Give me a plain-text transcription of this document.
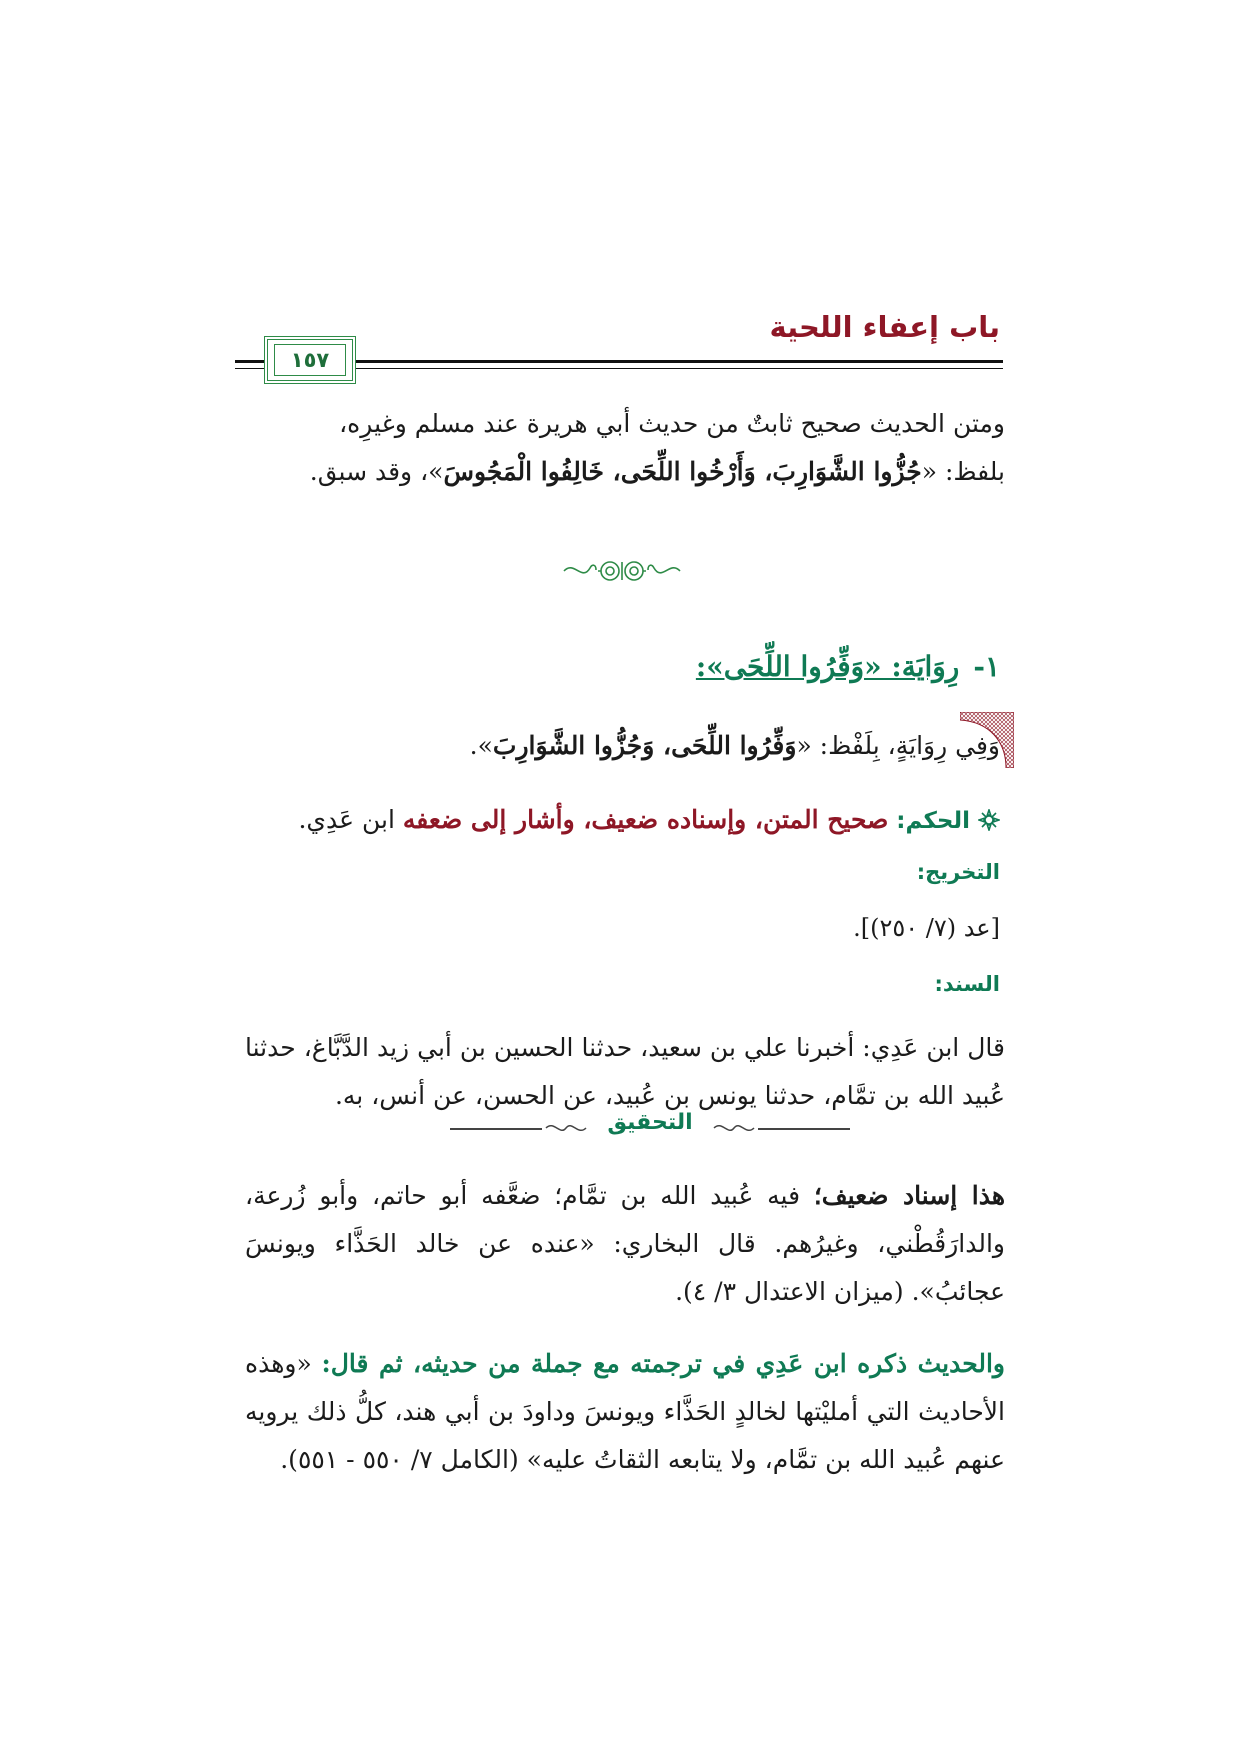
باب إعفاء اللحية
١٥٧
ومتن الحديث صحيح ثابتٌ من حديث أبي هريرة عند مسلم وغيرِه،
بلفظ: «جُزُّوا الشَّوَارِبَ، وَأَرْخُوا اللِّحَى، خَالِفُوا الْمَجُوسَ»، وقد سبق.
١-رِوَايَة: «وَفِّرُوا اللِّحَى»:
وَفِي رِوَايَةٍ، بِلَفْظ: «وَفِّرُوا اللِّحَى، وَجُزُّوا الشَّوَارِبَ».
الحكم: صحيح المتن، وإسناده ضعيف، وأشار إلى ضعفه ابن عَدِي.
التخريج:
[عد (٧/ ٢٥٠)].
السند:
قال ابن عَدِي: أخبرنا علي بن سعيد، حدثنا الحسين بن أبي زيد الدَّبَّاغ، حدثنا عُبيد الله بن تمَّام، حدثنا يونس بن عُبيد، عن الحسن، عن أنس، به.
التحقيق
هذا إسناد ضعيف؛ فيه عُبيد الله بن تمَّام؛ ضعَّفه أبو حاتم، وأبو زُرعة، والدارَقُطْني، وغيرُهم. قال البخاري: «عنده عن خالد الحَذَّاء ويونسَ عجائبُ». (ميزان الاعتدال ٣/ ٤).
والحديث ذكره ابن عَدِي في ترجمته مع جملة من حديثه، ثم قال: «وهذه الأحاديث التي أمليْتها لخالدٍ الحَذَّاء ويونسَ وداودَ بن أبي هند، كلُّ ذلك يرويه عنهم عُبيد الله بن تمَّام، ولا يتابعه الثقاتُ عليه» (الكامل ٧/ ٥٥٠ - ٥٥١).
